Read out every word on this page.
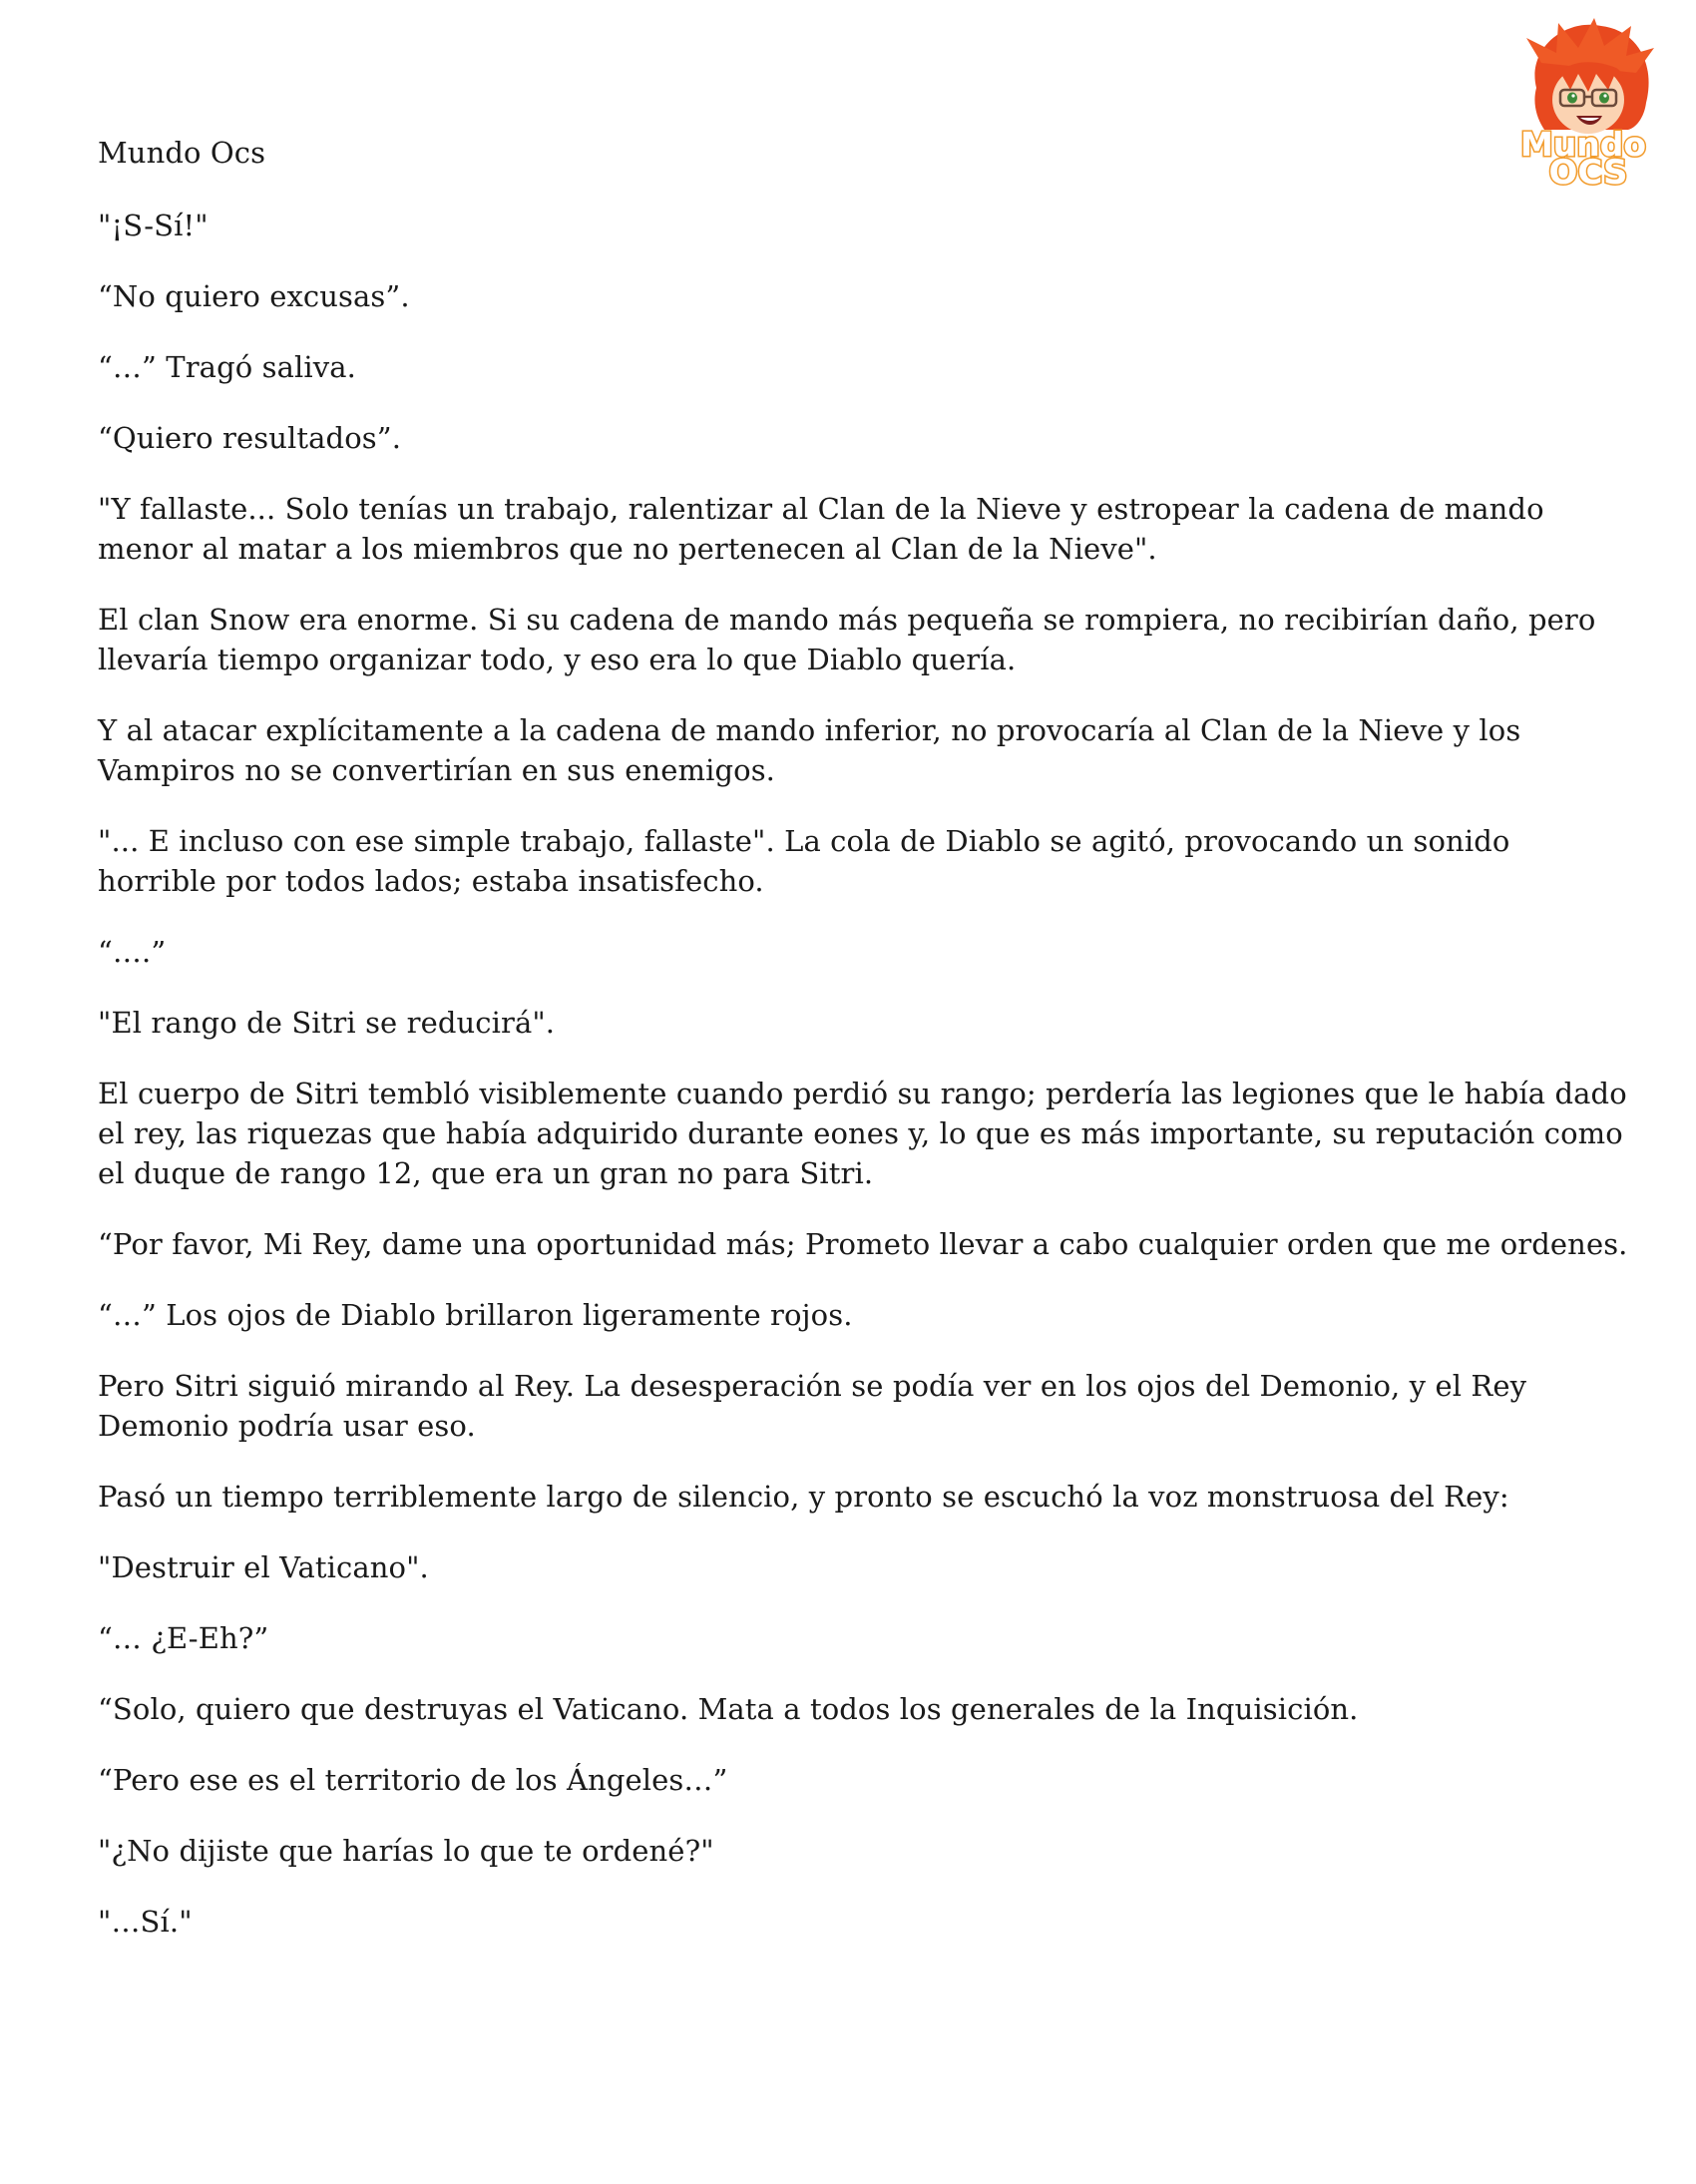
Mundo
OCS

Mundo Ocs

"¡S-Sí!"

“No quiero excusas”.

“…” Tragó saliva.

“Quiero resultados”.

"Y fallaste... Solo tenías un trabajo, ralentizar al Clan de la Nieve y estropear la cadena de mando menor al matar a los miembros que no pertenecen al Clan de la Nieve".

El clan Snow era enorme. Si su cadena de mando más pequeña se rompiera, no recibirían daño, pero llevaría tiempo organizar todo, y eso era lo que Diablo quería.

Y al atacar explícitamente a la cadena de mando inferior, no provocaría al Clan de la Nieve y los Vampiros no se convertirían en sus enemigos.

"... E incluso con ese simple trabajo, fallaste". La cola de Diablo se agitó, provocando un sonido horrible por todos lados; estaba insatisfecho.

“….”

"El rango de Sitri se reducirá".

El cuerpo de Sitri tembló visiblemente cuando perdió su rango; perdería las legiones que le había dado el rey, las riquezas que había adquirido durante eones y, lo que es más importante, su reputación como el duque de rango 12, que era un gran no para Sitri.

“Por favor, Mi Rey, dame una oportunidad más; Prometo llevar a cabo cualquier orden que me ordenes.

“…” Los ojos de Diablo brillaron ligeramente rojos.

Pero Sitri siguió mirando al Rey. La desesperación se podía ver en los ojos del Demonio, y el Rey Demonio podría usar eso.

Pasó un tiempo terriblemente largo de silencio, y pronto se escuchó la voz monstruosa del Rey:

"Destruir el Vaticano".

“… ¿E-Eh?”

“Solo, quiero que destruyas el Vaticano. Mata a todos los generales de la Inquisición.

“Pero ese es el territorio de los Ángeles…”

"¿No dijiste que harías lo que te ordené?"

"…Sí."
